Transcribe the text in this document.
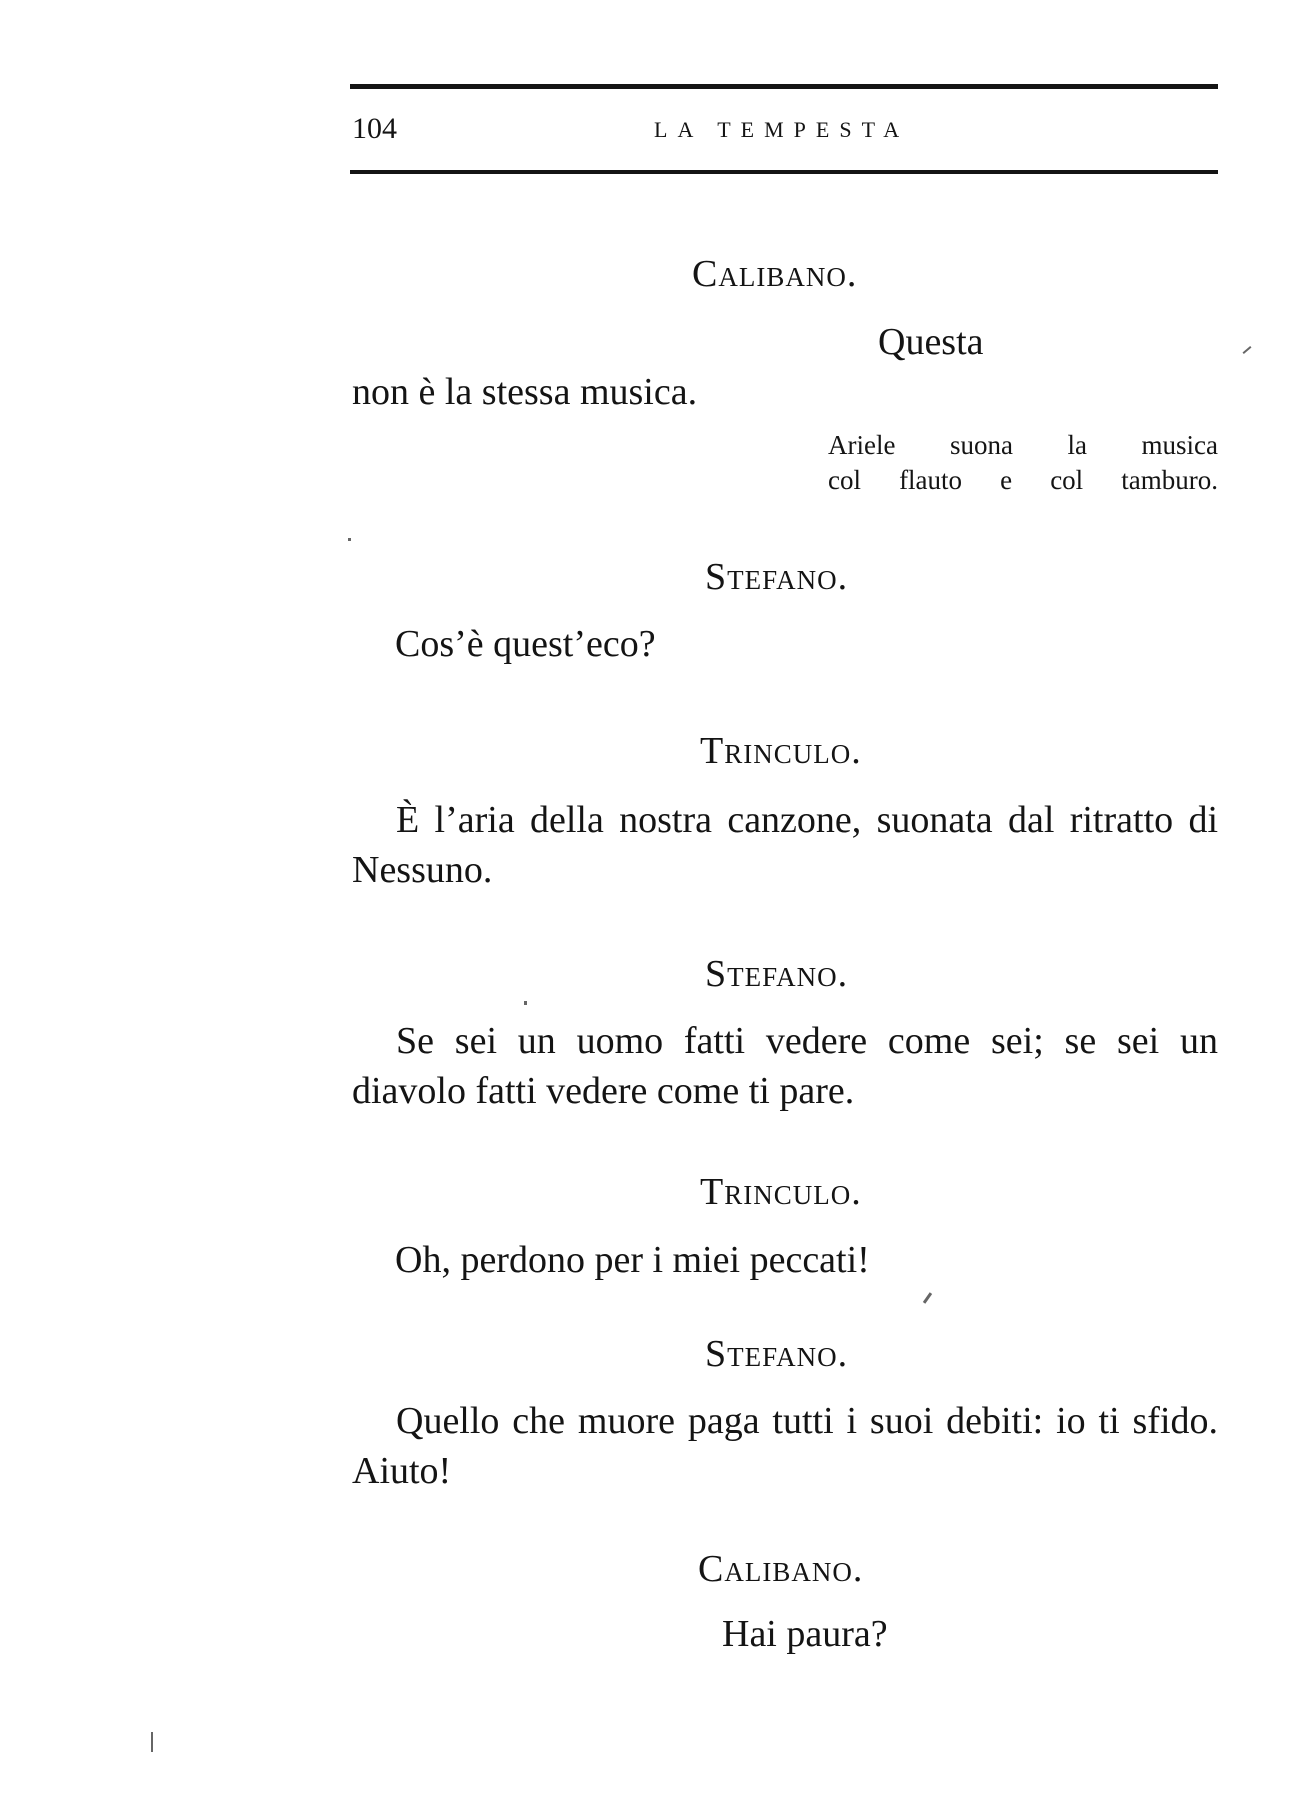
104	LA TEMPESTA
Calibano.
Questa
non è la stessa musica.
Ariele suona la musica
col flauto e col tamburo.
Stefano.
Cos’è quest’eco?
Trinculo.
È l’aria della nostra canzone, suonata dal ritratto di Nessuno.
Stefano.
Se sei un uomo fatti vedere come sei; se sei un diavolo fatti vedere come ti pare.
Trinculo.
Oh, perdono per i miei peccati!
Stefano.
Quello che muore paga tutti i suoi debiti: io ti sfido. Aiuto!
Calibano.
Hai paura?
